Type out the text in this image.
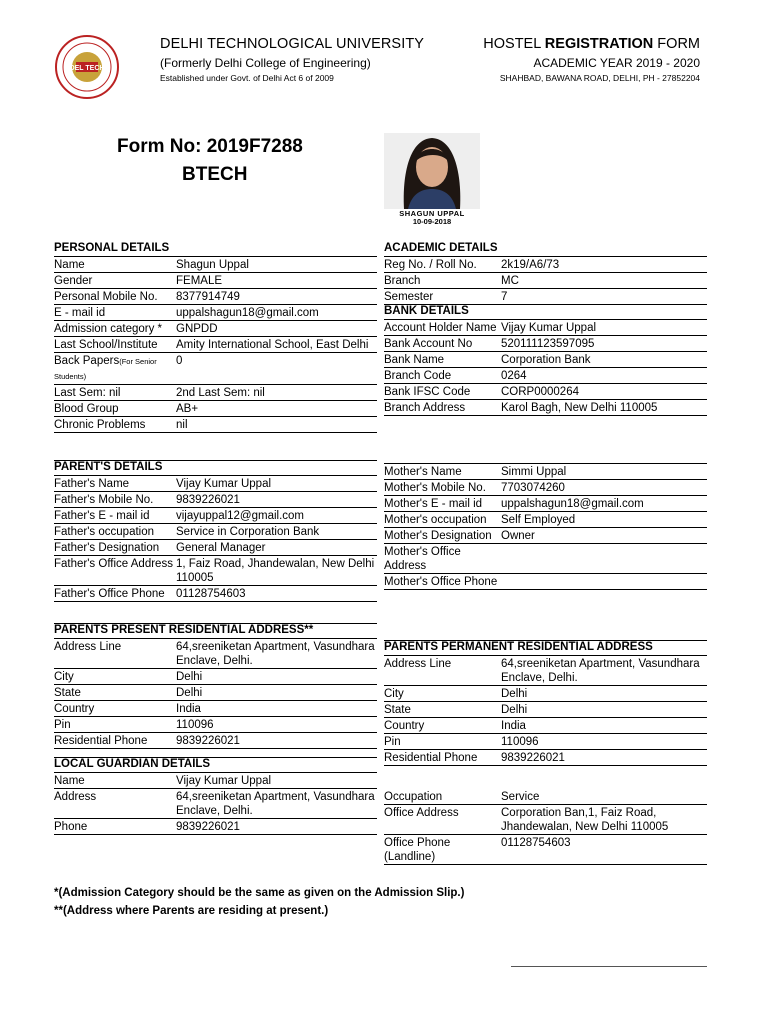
DEL TECH
DELHI TECHNOLOGICAL UNIVERSITY
(Formerly Delhi College of Engineering)
Established under Govt. of Delhi Act 6 of 2009
HOSTEL REGISTRATION FORM
ACADEMIC YEAR 2019 - 2020
SHAHBAD, BAWANA ROAD, DELHI, PH - 27852204
Form No: 2019F7288
BTECH
SHAGUN UPPAL
10-09-2018
PERSONAL DETAILS
Name	Shagun Uppal
Gender	FEMALE
Personal Mobile No.	8377914749
E - mail id	uppalshagun18@gmail.com
Admission category *	GNPDD
Last School/Institute	Amity International School, East Delhi
Back Papers(For Senior Students)
0
Last Sem: nil	2nd Last Sem: nil
Blood Group	AB+
Chronic Problems	nil
ACADEMIC DETAILS
Reg No. / Roll No.	2k19/A6/73
Branch	MC
Semester	7
BANK DETAILS
Account Holder Name Vijay Kumar Uppal
Bank Account No	520111123597095
Bank Name	Corporation Bank
Branch Code	0264
Bank IFSC Code	CORP0000264
Branch Address	Karol Bagh, New Delhi 110005
PARENT'S DETAILS
Father's Name	Vijay Kumar Uppal
Father's Mobile No.	9839226021
Father's E - mail id	vijayuppal12@gmail.com
Father's occupation	Service in Corporation Bank
Father's Designation	General Manager
Father's Office Address 1, Faiz Road, Jhandewalan, New Delhi 110005
Father's Office Phone 01128754603
Mother's Name	Simmi Uppal
Mother's Mobile No.	7703074260
Mother's E - mail id	uppalshagun18@gmail.com
Mother's occupation	Self Employed
Mother's Designation Owner
Mother's Office Address
Mother's Office Phone
PARENTS PRESENT RESIDENTIAL ADDRESS**
Address Line	64,sreeniketan Apartment, Vasundhara Enclave, Delhi.
City	Delhi
State	Delhi
Country	India
Pin	110096
Residential Phone	9839226021
PARENTS PERMANENT RESIDENTIAL ADDRESS
Address Line	64,sreeniketan Apartment, Vasundhara Enclave, Delhi.
City	Delhi
State	Delhi
Country	India
Pin	110096
Residential Phone	9839226021
LOCAL GUARDIAN DETAILS
Name	Vijay Kumar Uppal
Address	64,sreeniketan Apartment, Vasundhara Enclave, Delhi.
Phone	9839226021
Occupation	Service
Office Address	Corporation Ban,1, Faiz Road, Jhandewalan, New Delhi 110005
Office Phone (Landline)
01128754603
*(Admission Category should be the same as given on the Admission Slip.)
**(Address where Parents are residing at present.)
